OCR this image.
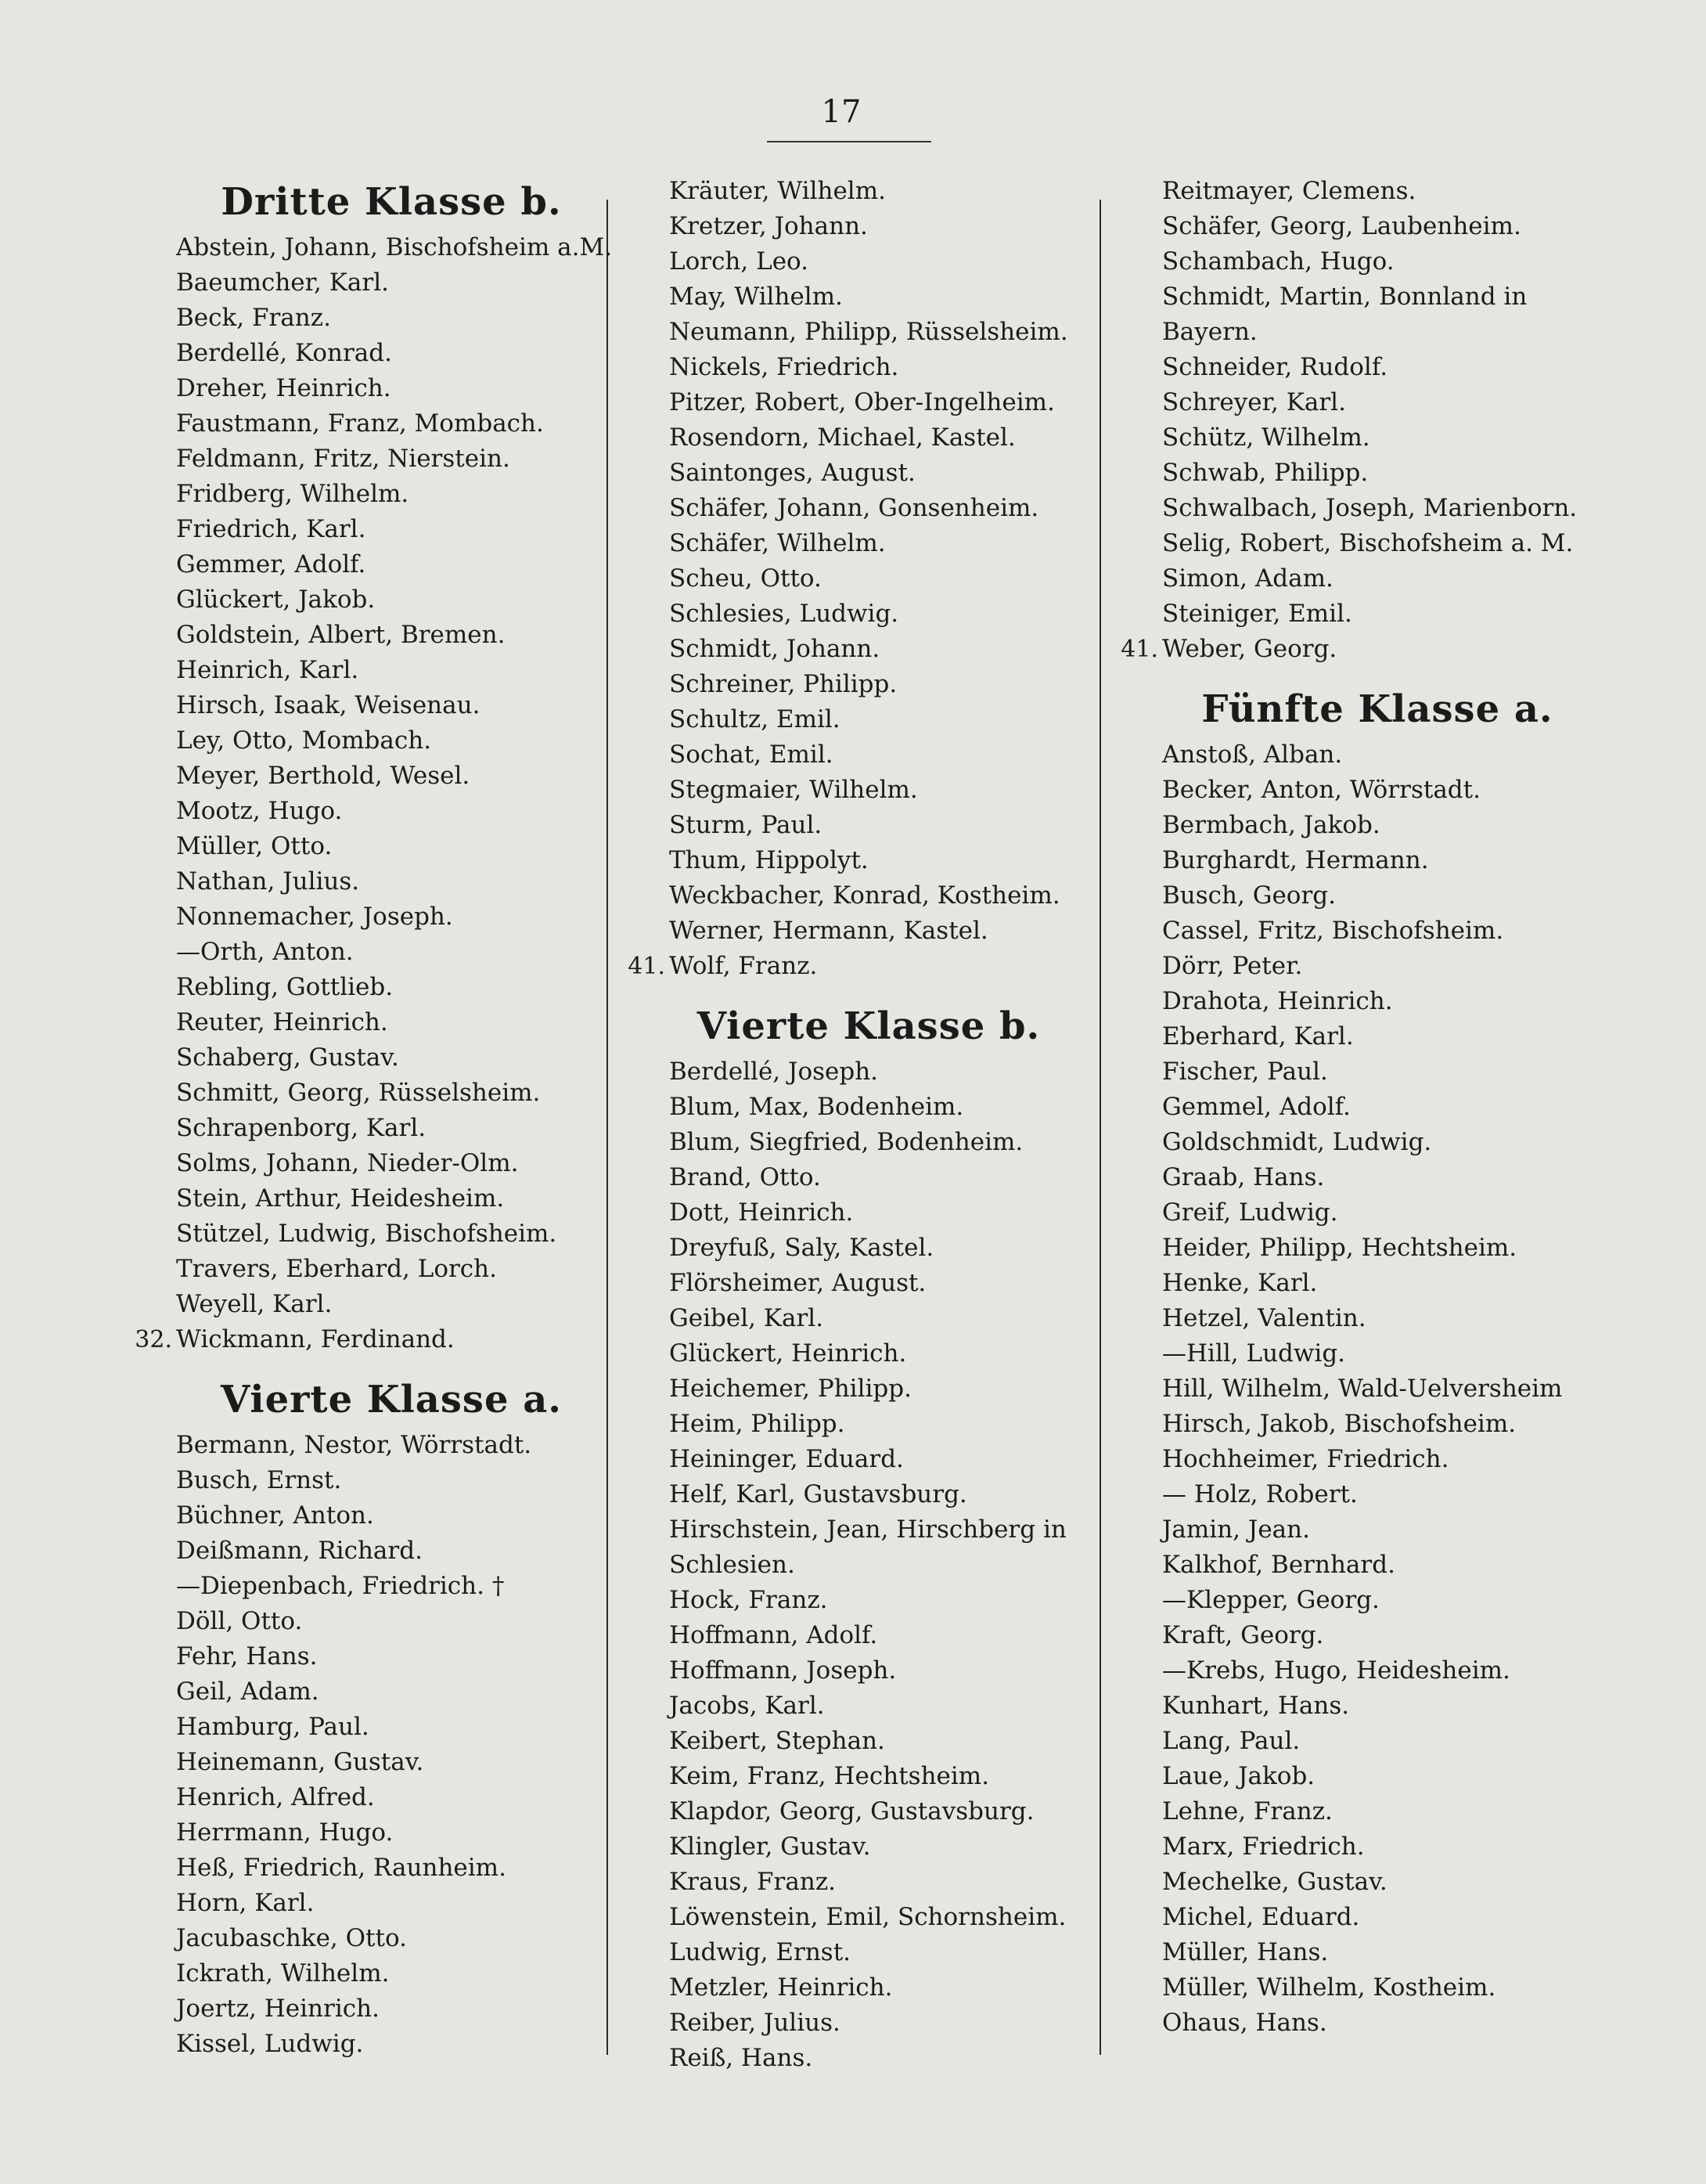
17
Dritte Klasse b.
Abstein, Johann, Bischofsheim a.M.
Baeumcher, Karl.
Beck, Franz.
Berdellé, Konrad.
Dreher, Heinrich.
Faustmann, Franz, Mombach.
Feldmann, Fritz, Nierstein.
Fridberg, Wilhelm.
Friedrich, Karl.
Gemmer, Adolf.
Glückert, Jakob.
Goldstein, Albert, Bremen.
Heinrich, Karl.
Hirsch, Isaak, Weisenau.
Ley, Otto, Mombach.
Meyer, Berthold, Wesel.
Mootz, Hugo.
Müller, Otto.
Nathan, Julius.
Nonnemacher, Joseph.
—Orth, Anton.
Rebling, Gottlieb.
Reuter, Heinrich.
Schaberg, Gustav.
Schmitt, Georg, Rüsselsheim.
Schrapenborg, Karl.
Solms, Johann, Nieder-Olm.
Stein, Arthur, Heidesheim.
Stützel, Ludwig, Bischofsheim.
Travers, Eberhard, Lorch.
Weyell, Karl.
32. Wickmann, Ferdinand.
Vierte Klasse a.
Bermann, Nestor, Wörrstadt.
Busch, Ernst.
Büchner, Anton.
Deißmann, Richard.
—Diepenbach, Friedrich. †
Döll, Otto.
Fehr, Hans.
Geil, Adam.
Hamburg, Paul.
Heinemann, Gustav.
Henrich, Alfred.
Herrmann, Hugo.
Heß, Friedrich, Raunheim.
Horn, Karl.
Jacubaschke, Otto.
Ickrath, Wilhelm.
Joertz, Heinrich.
Kissel, Ludwig.
Kräuter, Wilhelm.
Kretzer, Johann.
Lorch, Leo.
May, Wilhelm.
Neumann, Philipp, Rüsselsheim.
Nickels, Friedrich.
Pitzer, Robert, Ober-Ingelheim.
Rosendorn, Michael, Kastel.
Saintonges, August.
Schäfer, Johann, Gonsenheim.
Schäfer, Wilhelm.
Scheu, Otto.
Schlesies, Ludwig.
Schmidt, Johann.
Schreiner, Philipp.
Schultz, Emil.
Sochat, Emil.
Stegmaier, Wilhelm.
Sturm, Paul.
Thum, Hippolyt.
Weckbacher, Konrad, Kostheim.
Werner, Hermann, Kastel.
41. Wolf, Franz.
Vierte Klasse b.
Berdellé, Joseph.
Blum, Max, Bodenheim.
Blum, Siegfried, Bodenheim.
Brand, Otto.
Dott, Heinrich.
Dreyfuß, Saly, Kastel.
Flörsheimer, August.
Geibel, Karl.
Glückert, Heinrich.
Heichemer, Philipp.
Heim, Philipp.
Heininger, Eduard.
Helf, Karl, Gustavsburg.
Hirschstein, Jean, Hirschberg in Schlesien.
Hock, Franz.
Hoffmann, Adolf.
Hoffmann, Joseph.
Jacobs, Karl.
Keibert, Stephan.
Keim, Franz, Hechtsheim.
Klapdor, Georg, Gustavsburg.
Klingler, Gustav.
Kraus, Franz.
Löwenstein, Emil, Schornsheim.
Ludwig, Ernst.
Metzler, Heinrich.
Reiber, Julius.
Reiß, Hans.
Reitmayer, Clemens.
Schäfer, Georg, Laubenheim.
Schambach, Hugo.
Schmidt, Martin, Bonnland in Bayern.
Schneider, Rudolf.
Schreyer, Karl.
Schütz, Wilhelm.
Schwab, Philipp.
Schwalbach, Joseph, Marienborn.
Selig, Robert, Bischofsheim a. M.
Simon, Adam.
Steiniger, Emil.
41. Weber, Georg.
Fünfte Klasse a.
Anstoß, Alban.
Becker, Anton, Wörrstadt.
Bermbach, Jakob.
Burghardt, Hermann.
Busch, Georg.
Cassel, Fritz, Bischofsheim.
Dörr, Peter.
Drahota, Heinrich.
Eberhard, Karl.
Fischer, Paul.
Gemmel, Adolf.
Goldschmidt, Ludwig.
Graab, Hans.
Greif, Ludwig.
Heider, Philipp, Hechtsheim.
Henke, Karl.
Hetzel, Valentin.
—Hill, Ludwig.
Hill, Wilhelm, Wald-Uelversheim
Hirsch, Jakob, Bischofsheim.
Hochheimer, Friedrich.
— Holz, Robert.
Jamin, Jean.
Kalkhof, Bernhard.
—Klepper, Georg.
Kraft, Georg.
—Krebs, Hugo, Heidesheim.
Kunhart, Hans.
Lang, Paul.
Laue, Jakob.
Lehne, Franz.
Marx, Friedrich.
Mechelke, Gustav.
Michel, Eduard.
Müller, Hans.
Müller, Wilhelm, Kostheim.
Ohaus, Hans.
